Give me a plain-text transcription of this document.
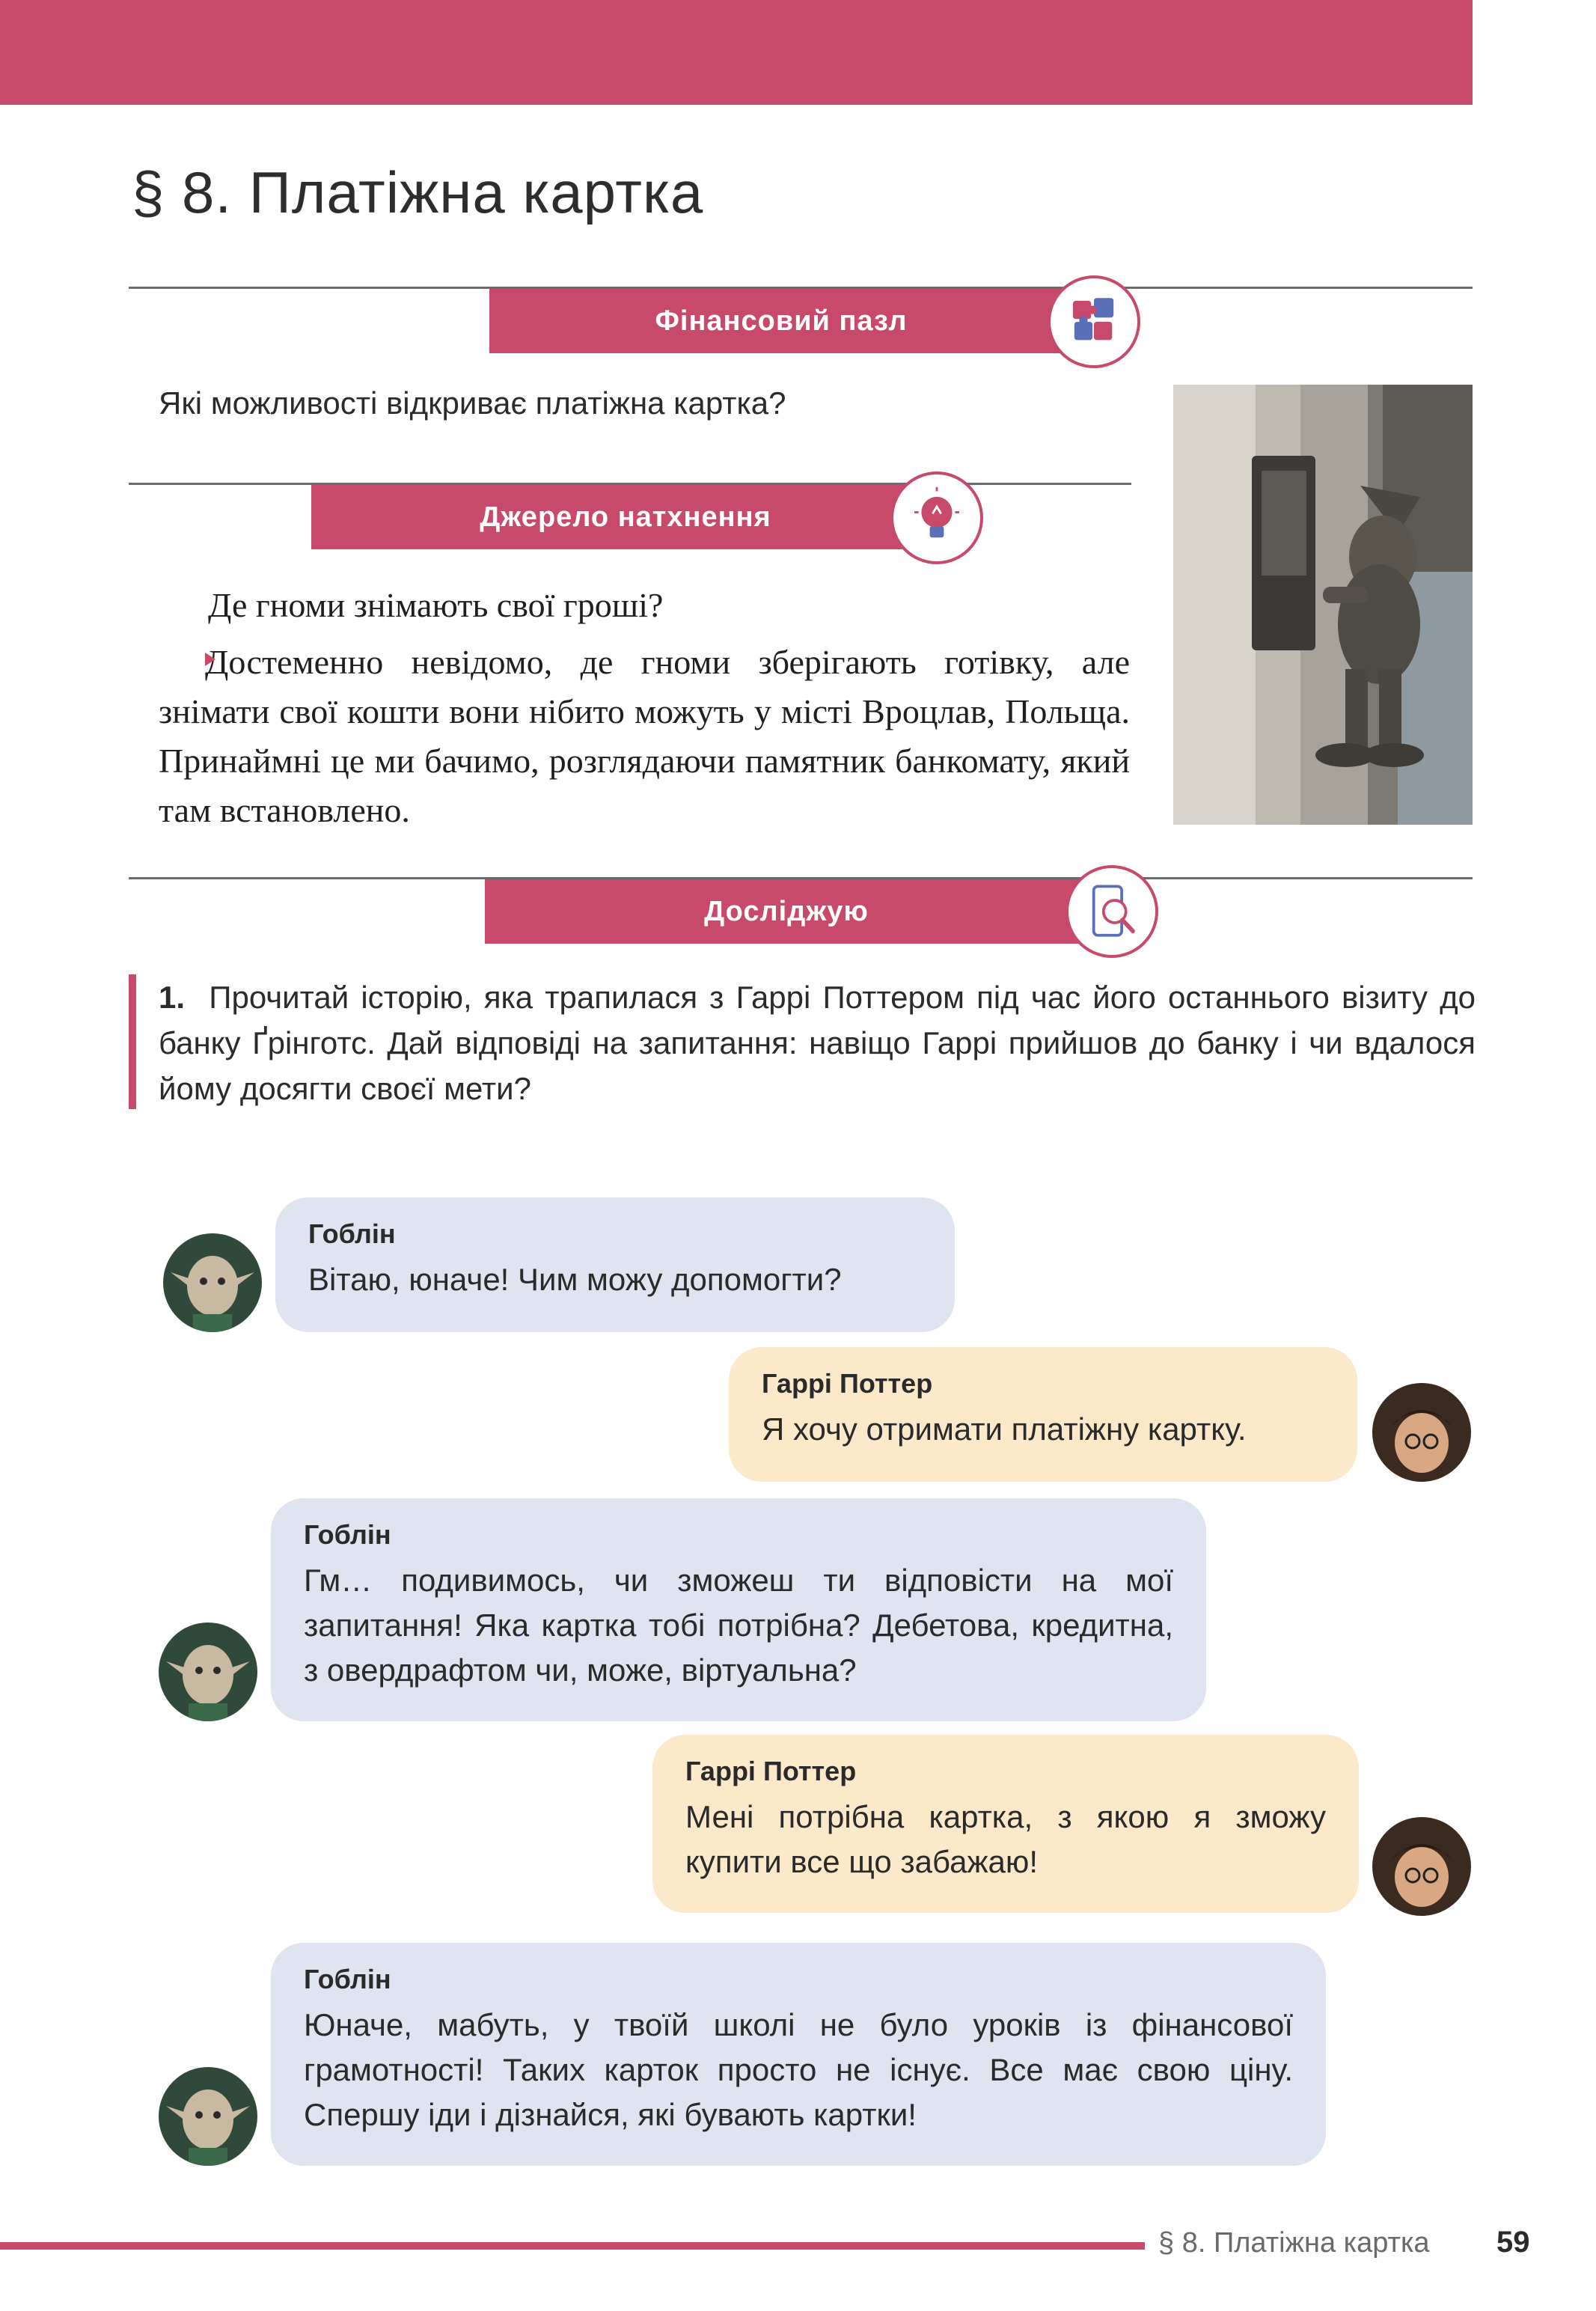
§ 8. Платіжна картка
Фінансовий пазл
Які можливості відкриває платіжна картка?
Джерело натхнення
Де гноми знімають свої гроші?
Достеменно невідомо, де гноми зберігають готівку, але знімати свої кошти вони нібито можуть у місті Вроцлав, Польща. Принаймні це ми бачимо, розглядаючи памятник банкомату, який там встановлено.
Досліджую
1. Прочитай історію, яка трапилася з Гаррі Поттером під час його останнього візиту до банку Ґрінготс. Дай відповіді на запитання: навіщо Гаррі прийшов до банку і чи вдалося йому досягти своєї мети?
Гоблін
Вітаю, юначе! Чим можу допомогти?
Гаррі Поттер
Я хочу отримати платіжну картку.
Гоблін
Гм… подивимось, чи зможеш ти відповісти на мої запитання! Яка картка тобі потрібна? Дебетова, кредитна, з овердрафтом чи, може, віртуальна?
Гаррі Поттер
Мені потрібна картка, з якою я зможу купити все що забажаю!
Гоблін
Юначе, мабуть, у твоїй школі не було уроків із фінансової грамотності! Таких карток просто не існує. Все має свою ціну. Спершу іди і дізнайся, які бувають картки!
§ 8. Платіжна картка 59
